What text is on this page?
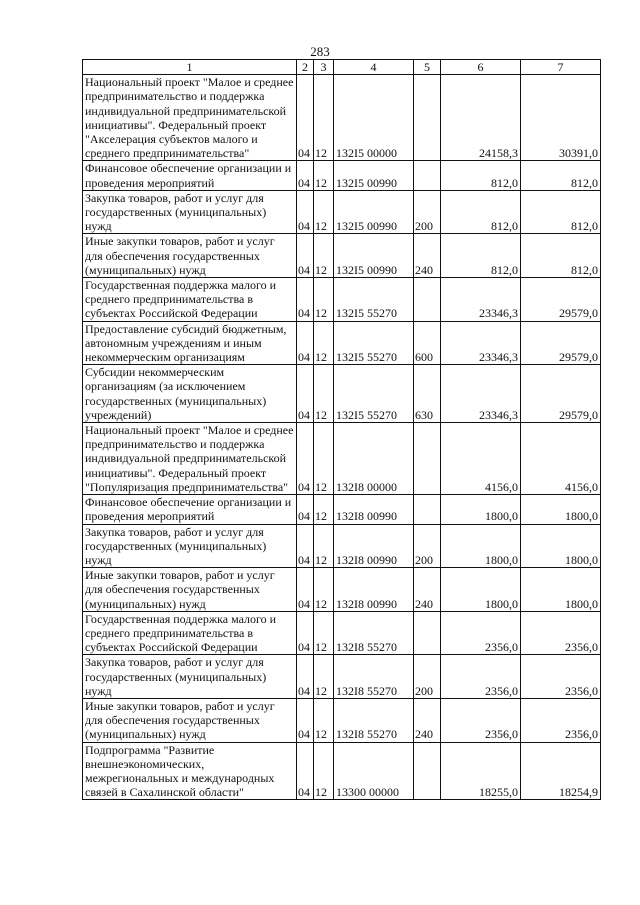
283
1	2	3	4	5	6	7
Национальный проект "Малое и среднее предпринимательство и поддержка индивидуальной предпринимательской инициативы". Федеральный проект "Акселерация субъектов малого и среднего предпринимательства"	04	12	132I5 00000		24158,3	30391,0
Финансовое обеспечение организации и проведения мероприятий	04	12	132I5 00990		812,0	812,0
Закупка товаров, работ и услуг для государственных (муниципальных) нужд	04	12	132I5 00990	200	812,0	812,0
Иные закупки товаров, работ и услуг для обеспечения государственных (муниципальных) нужд	04	12	132I5 00990	240	812,0	812,0
Государственная поддержка малого и среднего предпринимательства в субъектах Российской Федерации	04	12	132I5 55270		23346,3	29579,0
Предоставление субсидий бюджетным, автономным учреждениям и иным некоммерческим организациям	04	12	132I5 55270	600	23346,3	29579,0
Субсидии некоммерческим организациям (за исключением государственных (муниципальных) учреждений)	04	12	132I5 55270	630	23346,3	29579,0
Национальный проект "Малое и среднее предпринимательство и поддержка индивидуальной предпринимательской инициативы". Федеральный проект "Популяризация предпринимательства"	04	12	132I8 00000		4156,0	4156,0
Финансовое обеспечение организации и проведения мероприятий	04	12	132I8 00990		1800,0	1800,0
Закупка товаров, работ и услуг для государственных (муниципальных) нужд	04	12	132I8 00990	200	1800,0	1800,0
Иные закупки товаров, работ и услуг для обеспечения государственных (муниципальных) нужд	04	12	132I8 00990	240	1800,0	1800,0
Государственная поддержка малого и среднего предпринимательства в субъектах Российской Федерации	04	12	132I8 55270		2356,0	2356,0
Закупка товаров, работ и услуг для государственных (муниципальных) нужд	04	12	132I8 55270	200	2356,0	2356,0
Иные закупки товаров, работ и услуг для обеспечения государственных (муниципальных) нужд	04	12	132I8 55270	240	2356,0	2356,0
Подпрограмма "Развитие внешнеэкономических, межрегиональных и международных связей в Сахалинской области"	04	12	13300 00000		18255,0	18254,9
